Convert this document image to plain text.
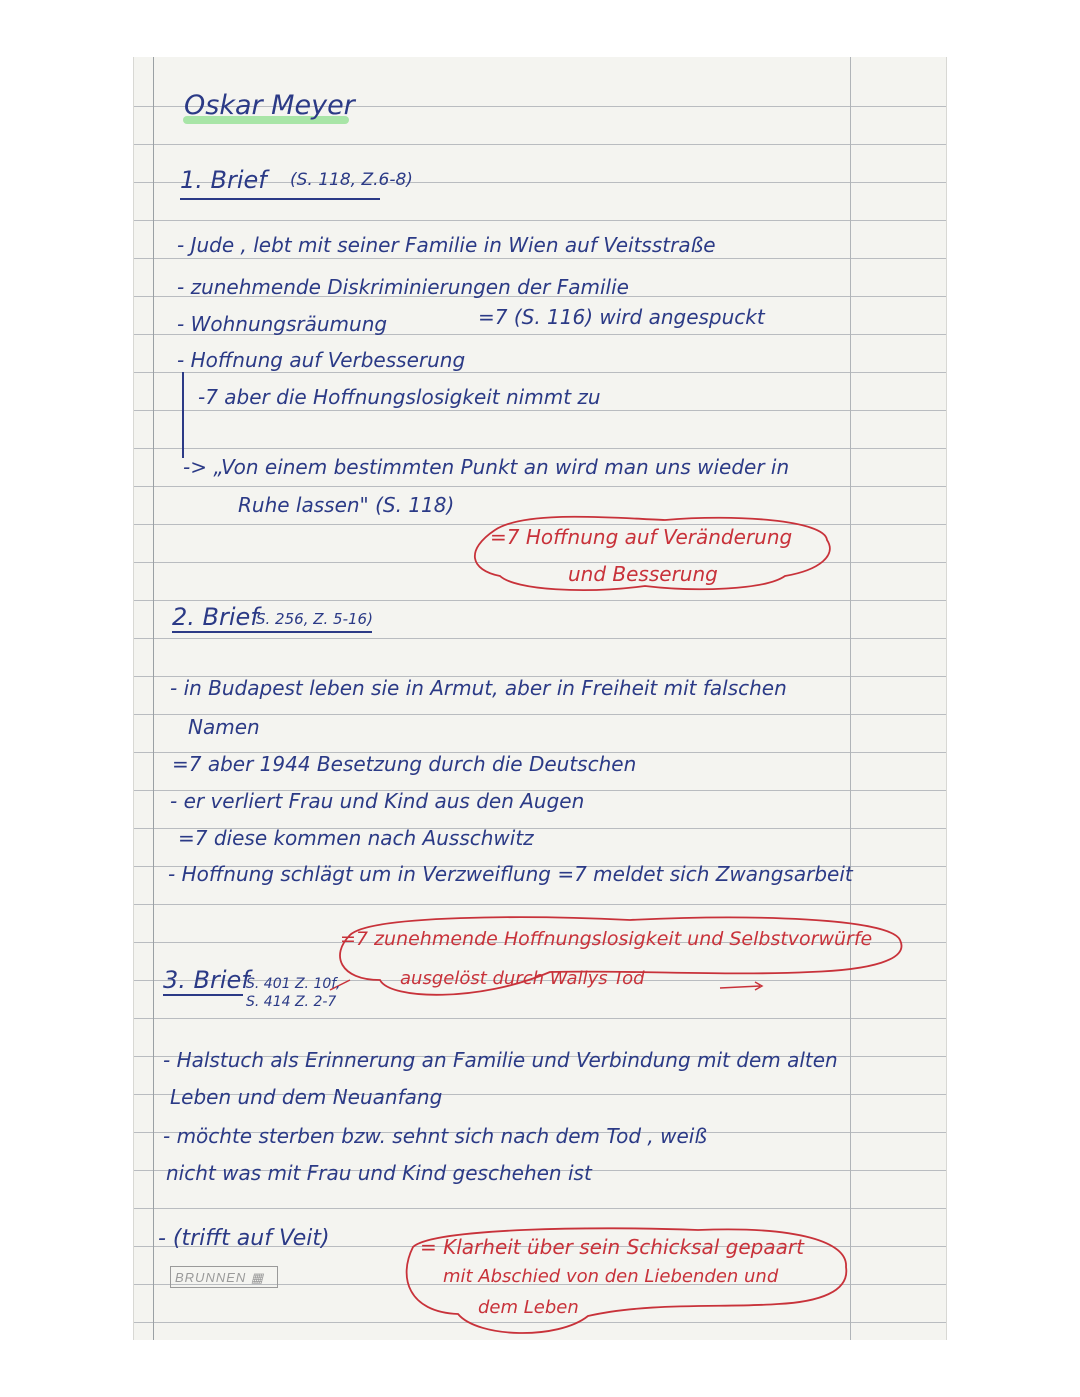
Oskar Meyer
1. Brief (S. 118, Z.6-8)
- Jude , lebt mit seiner Familie in Wien auf Veitsstraße
- zunehmende Diskriminierungen der Familie
- Wohnungsräumung	=7 (S. 116) wird angespuckt
- Hoffnung auf Verbesserung
-7 aber die Hoffnungslosigkeit nimmt zu
-> „Von einem bestimmten Punkt an wird man uns wieder in
Ruhe lassen" (S. 118)
=7 Hoffnung auf Veränderung
und Besserung
2. Brief
S. 256, Z. 5-16)
- in Budapest leben sie in Armut, aber in Freiheit mit falschen
Namen
=7 aber 1944 Besetzung durch die Deutschen
- er verliert Frau und Kind aus den Augen
=7 diese kommen nach Ausschwitz
- Hoffnung schlägt um in Verzweiflung =7 meldet sich Zwangsarbeit
=7 zunehmende Hoffnungslosigkeit und Selbstvorwürfe
ausgelöst durch Wallys Tod
3. Brief
S. 401 Z. 10f,
S. 414 Z. 2-7
- Halstuch als Erinnerung an Familie und Verbindung mit dem alten
Leben und dem Neuanfang
- möchte sterben bzw. sehnt sich nach dem Tod , weiß
nicht was mit Frau und Kind geschehen ist
- (trifft auf Veit)	= Klarheit über sein Schicksal gepaart
mit Abschied von den Liebenden und
dem Leben
BRUNNEN ▦
